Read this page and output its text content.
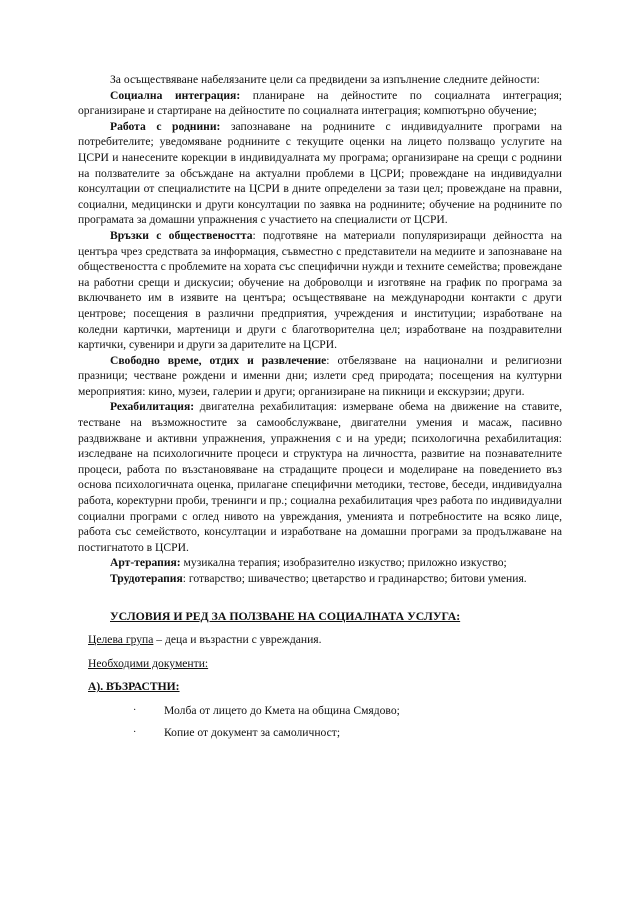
За осъществяване набелязаните цели са предвидени за изпълнение следните дейности:

Социална интеграция: планиране на дейностите по социалната интеграция; организиране и стартиране на дейностите по социалната интеграция; компютърно обучение;

Работа с роднини: запознаване на роднините с индивидуалните програми на потребителите; уведомяване роднините с текущите оценки на лицето ползващо услугите на ЦСРИ и нанесените корекции в индивидуалната му програма; организиране на срещи с роднини на ползвателите за обсъждане на актуални проблеми в ЦСРИ; провеждане на индивидуални консултации от специалистите на ЦСРИ в дните определени за тази цел; провеждане на правни, социални, медицински и други консултации по заявка на роднините; обучение на роднините по програмата за домашни упражнения с участието на специалисти от ЦСРИ.

Връзки с обществеността: подготвяне на материали популяризиращи дейността на центъра чрез средствата за информация, съвместно с представители на медиите и запознаване на обществеността с проблемите на хората със специфични нужди и техните семейства; провеждане на работни срещи и дискусии; обучение на доброволци и изготвяне на график по програма за включването им в изявите на центъра; осъществяване на международни контакти с други центрове; посещения в различни предприятия, учреждения и институции; изработване на коледни картички, мартеници и други с благотворителна цел; изработване на поздравителни картички, сувенири и други за дарителите на ЦСРИ.

Свободно време, отдих и развлечение: отбелязване на национални и религиозни празници; честване рождени и именни дни; излети сред природата; посещения на културни мероприятия: кино, музеи, галерии и други; организиране на пикници и екскурзии; други.

Рехабилитация: двигателна рехабилитация: измерване обема на движение на ставите, тестване на възможностите за самообслужване, двигателни умения и масаж, пасивно раздвижване и активни упражнения, упражнения с и на уреди; психологична рехабилитация: изследване на психологичните процеси и структура на личността, развитие на познавателните процеси, работа по възстановяване на страдащите процеси и моделиране на поведението въз основа психологичната оценка, прилагане специфични методики, тестове, беседи, индивидуална работа, коректурни проби, тренинги и пр.; социална рехабилитация чрез работа по индивидуални социални програми с оглед нивото на увреждания, уменията и потребностите на всяко лице, работа със семейството, консултации и изработване на домашни програми за продължаване на постигнатото в ЦСРИ.

Арт-терапия: музикална терапия; изобразително изкуство; приложно изкуство;

Трудотерапия: готварство; шивачество; цветарство и градинарство; битови умения.

УСЛОВИЯ И РЕД ЗА ПОЛЗВАНЕ НА СОЦИАЛНАТА УСЛУГА:

Целева група – деца и възрастни с увреждания.

Необходими документи:

А). ВЪЗРАСТНИ:

· Молба от лицето до Кмета на община Смядово;
· Копие от документ за самоличност;
